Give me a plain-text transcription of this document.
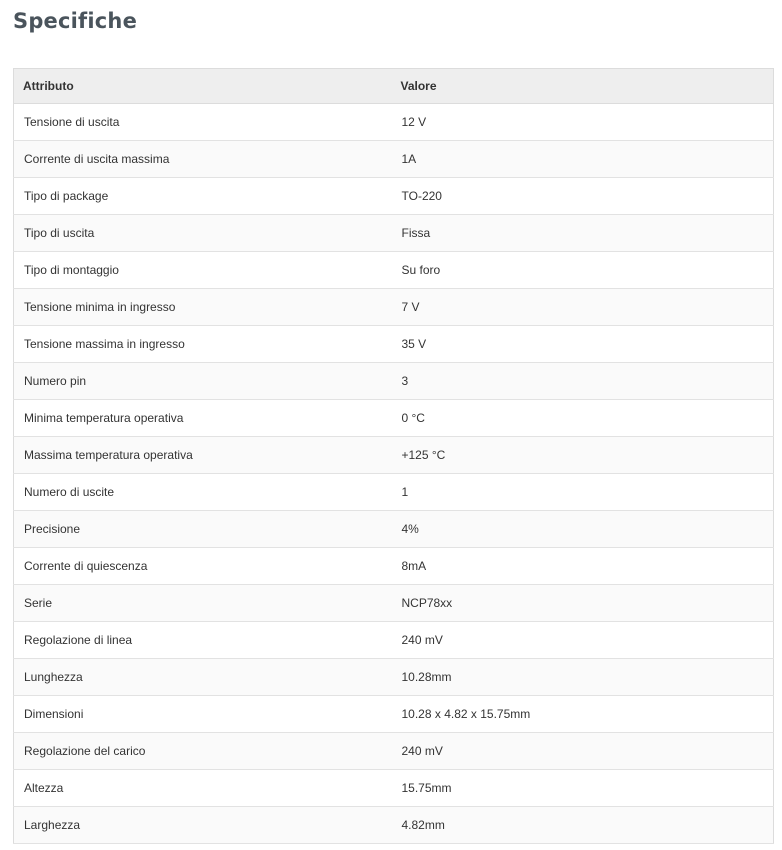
Specifiche
Attributo	Valore
Tensione di uscita	12 V
Corrente di uscita massima	1A
Tipo di package	TO-220
Tipo di uscita	Fissa
Tipo di montaggio	Su foro
Tensione minima in ingresso	7 V
Tensione massima in ingresso	35 V
Numero pin	3
Minima temperatura operativa	0 °C
Massima temperatura operativa	+125 °C
Numero di uscite	1
Precisione	4%
Corrente di quiescenza	8mA
Serie	NCP78xx
Regolazione di linea	240 mV
Lunghezza	10.28mm
Dimensioni	10.28 x 4.82 x 15.75mm
Regolazione del carico	240 mV
Altezza	15.75mm
Larghezza	4.82mm
